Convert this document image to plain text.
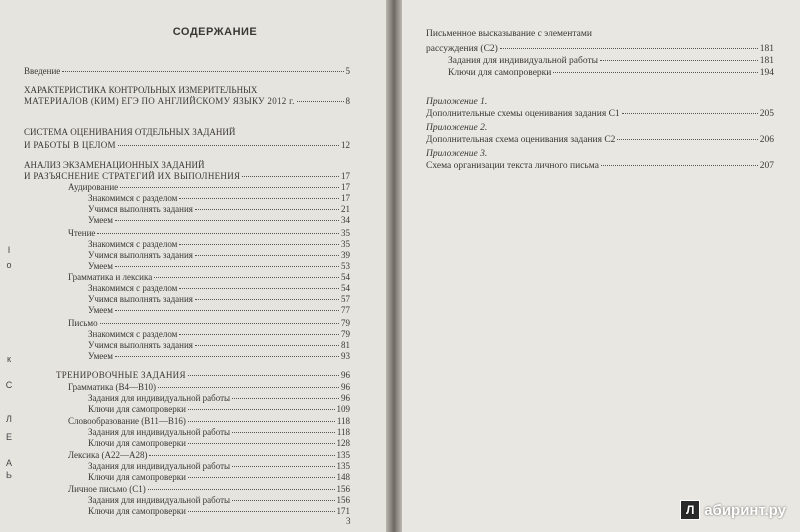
СОДЕРЖАНИЕ
Введение	5
ХАРАКТЕРИСТИКА КОНТРОЛЬНЫХ ИЗМЕРИТЕЛЬНЫХ
МАТЕРИАЛОВ (КИМ) ЕГЭ ПО АНГЛИЙСКОМУ ЯЗЫКУ 2012 г.	8
СИСТЕМА ОЦЕНИВАНИЯ ОТДЕЛЬНЫХ ЗАДАНИЙ
И РАБОТЫ В ЦЕЛОМ	12
АНАЛИЗ ЭКЗАМЕНАЦИОННЫХ ЗАДАНИЙ
И РАЗЪЯСНЕНИЕ СТРАТЕГИЙ ИХ ВЫПОЛНЕНИЯ	17
Аудирование	17
Знакомимся с разделом	17
Учимся выполнять задания	21
Умеем	34
Чтение	35
Знакомимся с разделом	35
Учимся выполнять задания	39
Умеем	53
Грамматика и лексика	54
Знакомимся с разделом	54
Учимся выполнять задания	57
Умеем	77
Письмо	79
Знакомимся с разделом	79
Учимся выполнять задания	81
Умеем	93
ТРЕНИРОВОЧНЫЕ ЗАДАНИЯ	96
Грамматика (В4—В10)	96
Задания для индивидуальной работы	96
Ключи для самопроверки	109
Словообразование (В11—В16)	118
Задания для индивидуальной работы	118
Ключи для самопроверки	128
Лексика (А22—А28)	135
Задания для индивидуальной работы	135
Ключи для самопроверки	148
Личное письмо (С1)	156
Задания для индивидуальной работы	156
Ключи для самопроверки	171
3
Письменное высказывание с элементами
рассуждения (С2)	181
Задания для индивидуальной работы	181
Ключи для самопроверки	194
Приложение 1.
Дополнительные схемы оценивания задания С1	205
Приложение 2.
Дополнительная схема оценивания задания С2	206
Приложение 3.
Схема организации текста личного письма	207
I
о
к
С
Л
Е
А
Ь
Л абиринт.ру
